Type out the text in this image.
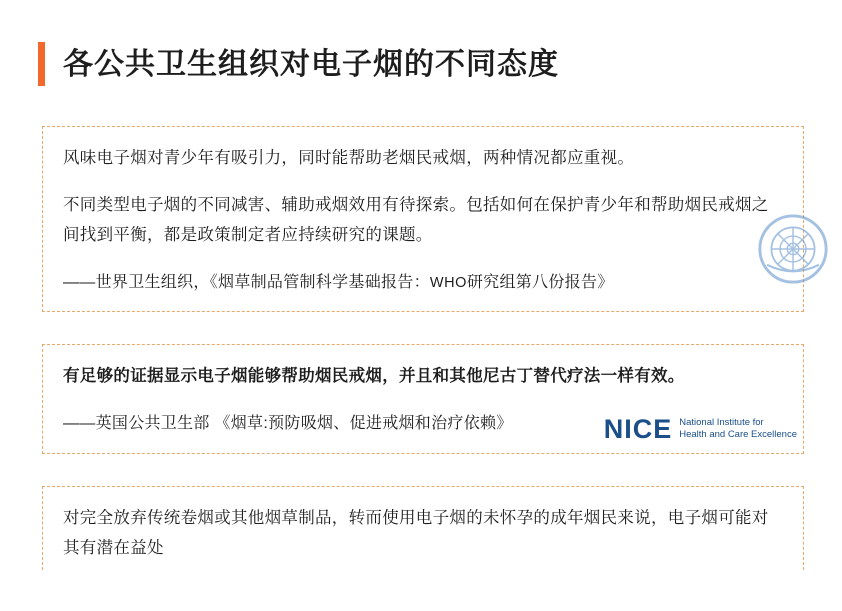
各公共卫生组织对电子烟的不同态度
风味电子烟对青少年有吸引力，同时能帮助老烟民戒烟，两种情况都应重视。
不同类型电子烟的不同减害、辅助戒烟效用有待探索。包括如何在保护青少年和帮助烟民戒烟之间找到平衡，都是政策制定者应持续研究的课题。
——世界卫生组织，《烟草制品管制科学基础报告：WHO研究组第八份报告》
有足够的证据显示电子烟能够帮助烟民戒烟，并且和其他尼古丁替代疗法一样有效。
——英国公共卫生部 《烟草:预防吸烟、促进戒烟和治疗依赖》	NICE National Institute for
Health and Care Excellence
对完全放弃传统卷烟或其他烟草制品，转而使用电子烟的未怀孕的成年烟民来说，电子烟可能对其有潜在益处
